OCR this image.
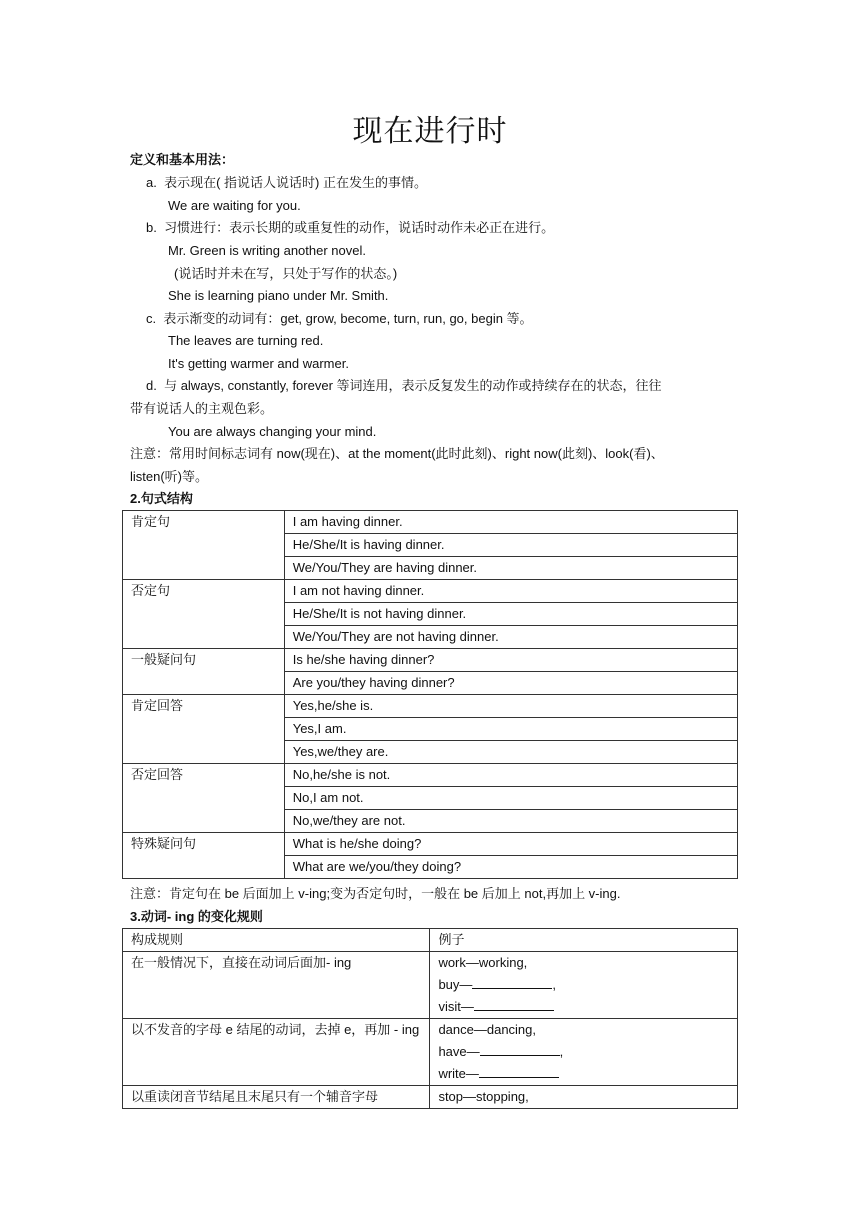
现在进行时
定义和基本用法：
a. 表示现在( 指说话人说话时) 正在发生的事情。
We are waiting for you.
b. 习惯进行：表示长期的或重复性的动作，说话时动作未必正在进行。
Mr. Green is writing another novel.
(说话时并未在写，只处于写作的状态。)
She is learning piano under Mr. Smith.
c. 表示渐变的动词有：get, grow, become, turn, run, go, begin 等。
The leaves are turning red.
It's getting warmer and warmer.
d. 与 always, constantly, forever 等词连用，表示反复发生的动作或持续存在的状态，往往
带有说话人的主观色彩。
You are always changing your mind.
注意：常用时间标志词有 now(现在)、at the moment(此时此刻)、right now(此刻)、look(看)、
listen(听)等。
2.句式结构
肯定句	I am having dinner.
	He/She/It is having dinner.
	We/You/They are having dinner.
否定句	I am not having dinner.
	He/She/It is not having dinner.
	We/You/They are not having dinner.
一般疑问句	Is he/she having dinner?
	Are you/they having dinner?
肯定回答	Yes,he/she is.
	Yes,I am.
	Yes,we/they are.
否定回答	No,he/she is not.
	No,I am not.
	No,we/they are not.
特殊疑问句	What is he/she doing?
	What are we/you/they doing?
注意：肯定句在 be 后面加上 v-ing;变为否定句时，一般在 be 后加上 not,再加上 v-ing.
3.动词- ing 的变化规则
构成规则	例子
在一般情况下，直接在动词后面加- ing	work—working,
buy— ,
visit—

以不发音的字母 e 结尾的动词，去掉 e，再加 - ing	dance—dancing,
have— ,
write—

以重读闭音节结尾且末尾只有一个辅音字母	stop—stopping,
